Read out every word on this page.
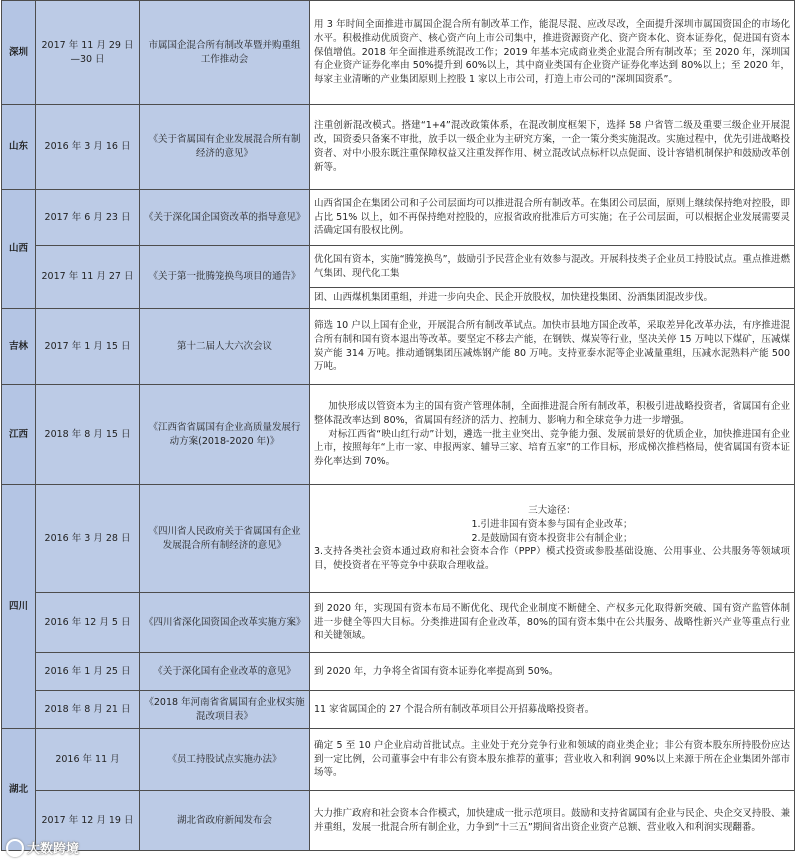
深圳	2017 年 11 月 29 日—30 日	市属国企混合所有制改革暨并购重组工作推动会	用 3 年时间全面推进市属国企混合所有制改革工作，能混尽混、应改尽改，全面提升深圳市属国资国企的市场化水平。积极推动优质资产、核心资产向上市公司集中，推进资源资产化、资产资本化、资本证券化，促进国有资本保值增值。2018 年全面推进系统混改工作；2019 年基本完成商业类企业混合所有制改革；至 2020 年，深圳国有企业资产证券化率由 50%提升到 60%以上，其中商业类国有企业资产证券化率达到 80%以上；至 2020 年，每家主业清晰的产业集团原则上控股 1 家以上市公司，打造上市公司的“深圳国资系”。

山东	2016 年 3 月 16 日	《关于省属国有企业发展混合所有制经济的意见》	注重创新混改模式。搭建“1+4”混改政策体系，在混改制度框架下，选择 58 户省管二级及重要三级企业开展混改，国资委只备案不审批，放手以一级企业为主研究方案，一企一策分类实施混改。实施过程中，优先引进战略投资者、对中小股东既注重保障权益又注重发挥作用、树立混改试点标杆以点促面、设计容错机制保护和鼓励改革创新等。

山西	2017 年 6 月 23 日	《关于深化国企国资改革的指导意见》	山西省国企在集团公司和子公司层面均可以推进混合所有制改革。在集团公司层面，原则上继续保持绝对控股，即占比 51% 以上，如不再保持绝对控股的，应报省政府批准后方可实施；在子公司层面，可以根据企业发展需要灵活确定国有股权比例。

	2017 年 11 月 27 日	《关于第一批腾笼换鸟项目的通告》	优化国有资本，实施“腾笼换鸟”，鼓励引予民营企业有效参与混改。开展科技类子企业员工持股试点。重点推进燃气集团、现代化工集

			团、山西煤机集团重组，并进一步向央企、民企开放股权，加快建投集团、汾酒集团混改步伐。

吉林	2017 年 1 月 15 日	第十二届人大六次会议	筛选 10 户以上国有企业，开展混合所有制改革试点。加快市县地方国企改革，采取差异化改革办法，有序推进混合所有制和国有资本退出等改革。要坚定不移去产能，在钢铁、煤炭等行业，坚决关停 15 万吨以下煤矿，压减煤炭产能 314 万吨。推动通钢集团压减炼钢产能 80 万吨。支持亚泰水泥等企业减量重组，压减水泥熟料产能 500 万吨。

江西	2018 年 8 月 15 日	《江西省省属国有企业高质量发展行动方案(2018-2020 年)》	加快形成以管资本为主的国有资产管理体制，全面推进混合所有制改革，积极引进战略投资者，省属国有企业整体混改率达到 80%，省属国有经济的活力、控制力、影响力和全球竞争力进一步增强。

对标江西省“映山红行动”计划，遴选一批主业突出、竞争能力强、发展前景好的优质企业，加快推进国有企业上市，按照每年“上市一家、申报两家、辅导三家、培育五家”的工作目标，形成梯次推档格局，使省属国有资本证券化率达到 70%。

四川	2016 年 3 月 28 日	《四川省人民政府关于省属国有企业发展混合所有制经济的意见》	三大途径：

1.引进非国有资本参与国有企业改革；

2.是鼓励国有资本投资非公有制企业；

3.支持各类社会资本通过政府和社会资本合作（PPP）模式投资或参股基础设施、公用事业、公共服务等领域项目，使投资者在平等竞争中获取合理收益。

	2016 年 12 月 5 日	《四川省深化国资国企改革实施方案》	到 2020 年，实现国有资本布局不断优化、现代企业制度不断健全、产权多元化取得新突破、国有资产监管体制进一步健全等四大目标。分类推进国有企业改革，80%的国有资本集中在公共服务、战略性新兴产业等重点行业和关键领域。

	2016 年 1 月 25 日	《关于深化国有企业改革的意见》	到 2020 年，力争将全省国有资本证券化率提高到 50%。

	2018 年 8 月 21 日	《2018 年河南省省属国有企业权实施混改项目表》	11 家省属国企的 27 个混合所有制改革项目公开招募战略投资者。

湖北	2016 年 11 月	《员工持股试点实施办法》	确定 5 至 10 户企业启动首批试点。主业处于充分竞争行业和领域的商业类企业；非公有资本股东所持股份应达到一定比例，公司董事会中有非公有资本股东推荐的董事；营业收入和利润 90%以上来源于所在企业集团外部市场等。

	2017 年 12 月 19 日	湖北省政府新闻发布会	大力推广政府和社会资本合作模式，加快建成一批示范项目。鼓励和支持省属国有企业与民企、央企交叉持股、兼并重组，发展一批混合所有制企业，力争到“十三五”期间省出资企业资产总额、营业收入和利润实现翻番。

大数跨境
